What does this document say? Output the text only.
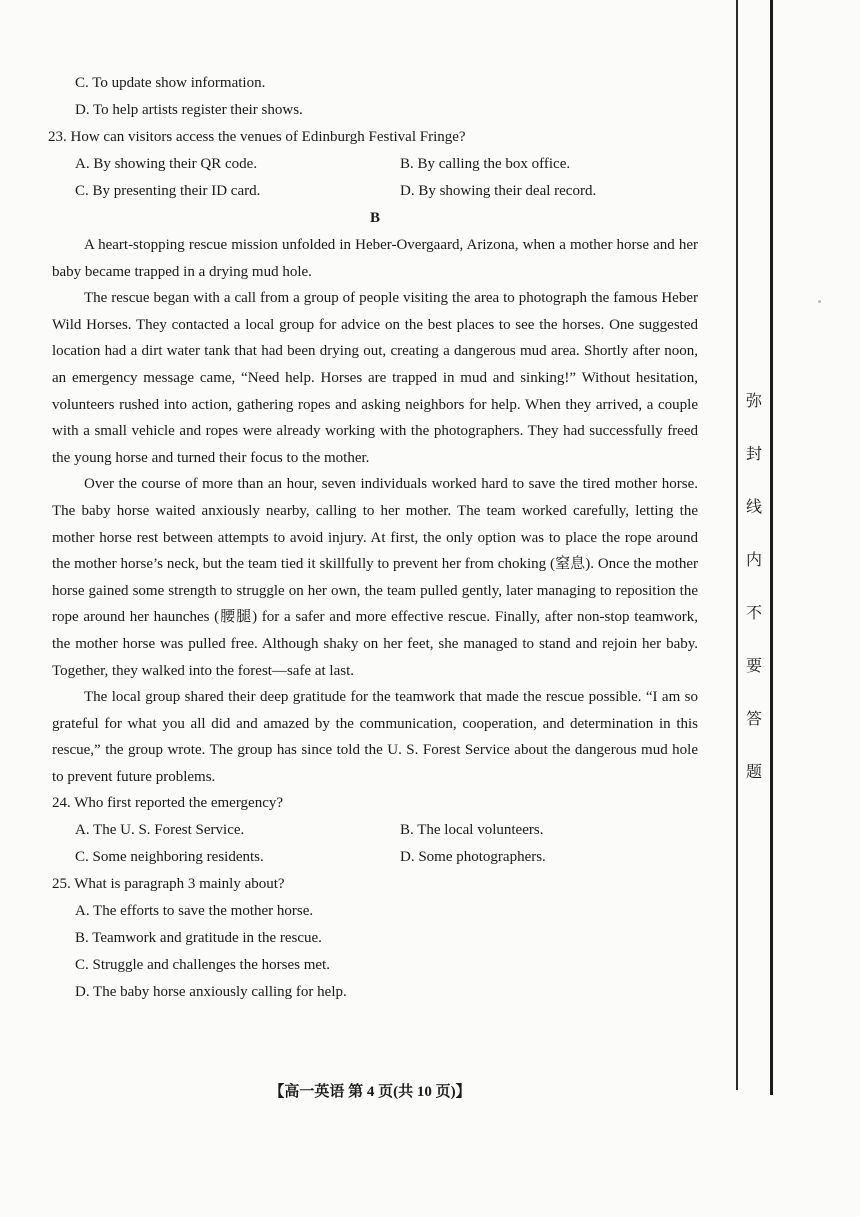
C. To update show information.
D. To help artists register their shows.
23. How can visitors access the venues of Edinburgh Festival Fringe?
A. By showing their QR code.	B. By calling the box office.
C. By presenting their ID card.	D. By showing their deal record.
B

A heart-stopping rescue mission unfolded in Heber-Overgaard, Arizona, when a mother horse and her baby became trapped in a drying mud hole.

The rescue began with a call from a group of people visiting the area to photograph the famous Heber Wild Horses. They contacted a local group for advice on the best places to see the horses. One suggested location had a dirt water tank that had been drying out, creating a dangerous mud area. Shortly after noon, an emergency message came, “Need help. Horses are trapped in mud and sinking!” Without hesitation, volunteers rushed into action, gathering ropes and asking neighbors for help. When they arrived, a couple with a small vehicle and ropes were already working with the photographers. They had successfully freed the young horse and turned their focus to the mother.

Over the course of more than an hour, seven individuals worked hard to save the tired mother horse. The baby horse waited anxiously nearby, calling to her mother. The team worked carefully, letting the mother horse rest between attempts to avoid injury. At first, the only option was to place the rope around the mother horse’s neck, but the team tied it skillfully to prevent her from choking (窒息). Once the mother horse gained some strength to struggle on her own, the team pulled gently, later managing to reposition the rope around her haunches (腰腿) for a safer and more effective rescue. Finally, after non-stop teamwork, the mother horse was pulled free. Although shaky on her feet, she managed to stand and rejoin her baby. Together, they walked into the forest—safe at last.

The local group shared their deep gratitude for the teamwork that made the rescue possible. “I am so grateful for what you all did and amazed by the communication, cooperation, and determination in this rescue,” the group wrote. The group has since told the U. S. Forest Service about the dangerous mud hole to prevent future problems.

24. Who first reported the emergency?
A. The U. S. Forest Service.	B. The local volunteers.
C. Some neighboring residents.	D. Some photographers.
25. What is paragraph 3 mainly about?
A. The efforts to save the mother horse.
B. Teamwork and gratitude in the rescue.
C. Struggle and challenges the horses met.
D. The baby horse anxiously calling for help.
【高一英语 第 4 页(共 10 页)】
弥
封
线
内
不
要
答
题
